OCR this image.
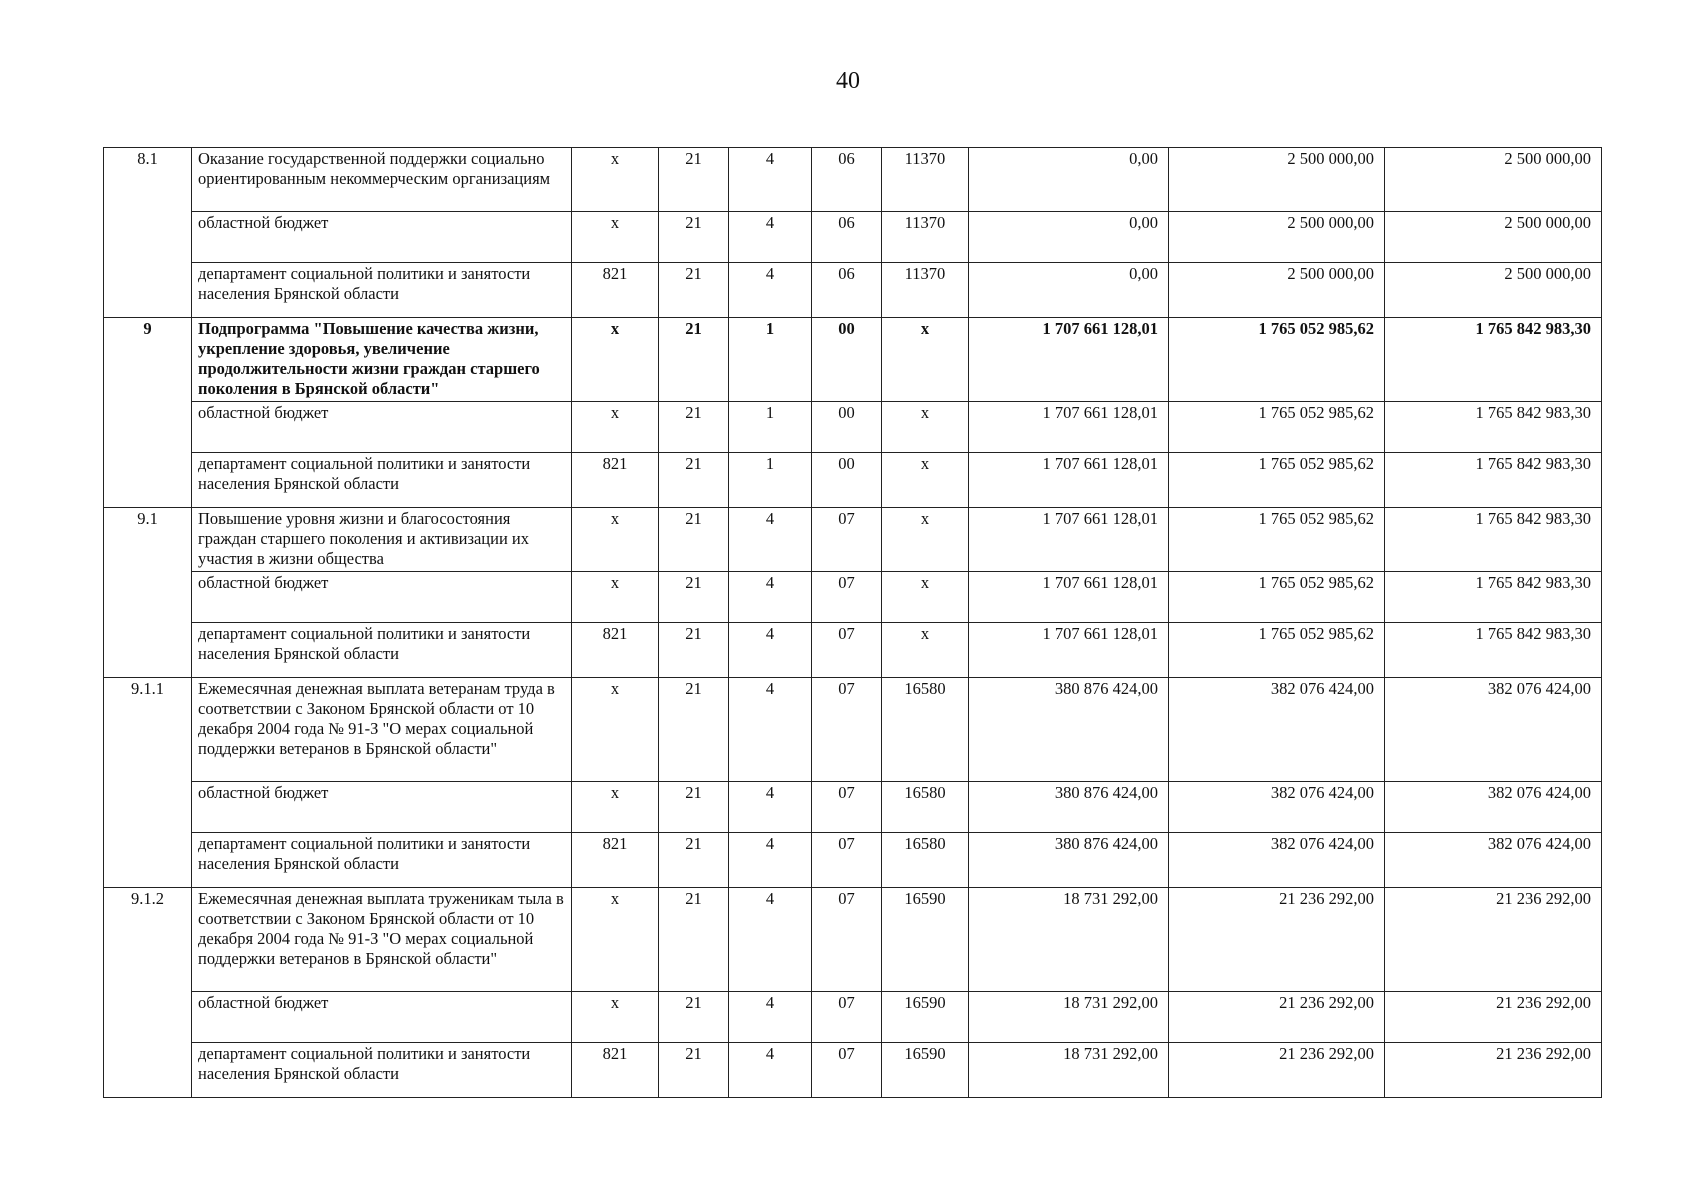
40
8.1	Оказание государственной поддержки социально ориентированным некоммерческим организациям	х	21	4	06	11370	0,00	2 500 000,00	2 500 000,00
	областной бюджет	х	21	4	06	11370	0,00	2 500 000,00	2 500 000,00
	департамент социальной политики и занятости населения Брянской области	821	21	4	06	11370	0,00	2 500 000,00	2 500 000,00
9	Подпрограмма "Повышение качества жизни, укрепление здоровья, увеличение продолжительности жизни граждан старшего поколения в Брянской области"	х	21	1	00	х	1 707 661 128,01	1 765 052 985,62	1 765 842 983,30
	областной бюджет	х	21	1	00	х	1 707 661 128,01	1 765 052 985,62	1 765 842 983,30
	департамент социальной политики и занятости населения Брянской области	821	21	1	00	х	1 707 661 128,01	1 765 052 985,62	1 765 842 983,30
9.1	Повышение уровня жизни и благосостояния граждан старшего поколения и активизации их участия в жизни общества	х	21	4	07	х	1 707 661 128,01	1 765 052 985,62	1 765 842 983,30
	областной бюджет	х	21	4	07	х	1 707 661 128,01	1 765 052 985,62	1 765 842 983,30
	департамент социальной политики и занятости населения Брянской области	821	21	4	07	х	1 707 661 128,01	1 765 052 985,62	1 765 842 983,30
9.1.1	Ежемесячная денежная выплата ветеранам труда в соответствии с Законом Брянской области от 10 декабря 2004 года № 91-З "О мерах социальной поддержки ветеранов в Брянской области"	х	21	4	07	16580	380 876 424,00	382 076 424,00	382 076 424,00
	областной бюджет	х	21	4	07	16580	380 876 424,00	382 076 424,00	382 076 424,00
	департамент социальной политики и занятости населения Брянской области	821	21	4	07	16580	380 876 424,00	382 076 424,00	382 076 424,00
9.1.2	Ежемесячная денежная выплата труженикам тыла в соответствии с Законом Брянской области от 10 декабря 2004 года № 91-З "О мерах социальной поддержки ветеранов в Брянской области"	х	21	4	07	16590	18 731 292,00	21 236 292,00	21 236 292,00
	областной бюджет	х	21	4	07	16590	18 731 292,00	21 236 292,00	21 236 292,00
	департамент социальной политики и занятости населения Брянской области	821	21	4	07	16590	18 731 292,00	21 236 292,00	21 236 292,00
